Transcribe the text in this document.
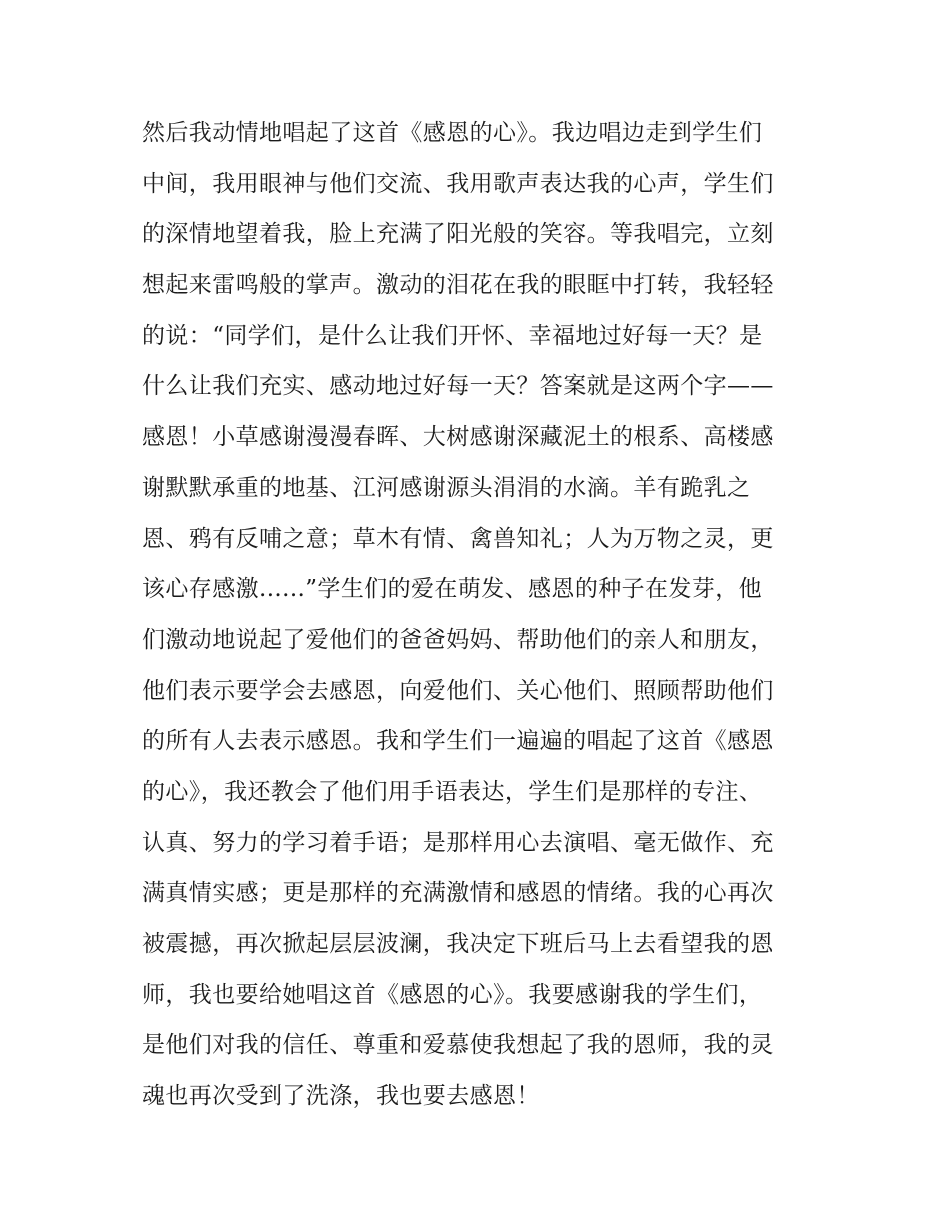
然后我动情地唱起了这首《感恩的心》。我边唱边走到学生们
中间，我用眼神与他们交流、我用歌声表达我的心声，学生们
的深情地望着我，脸上充满了阳光般的笑容。等我唱完，立刻
想起来雷鸣般的掌声。激动的泪花在我的眼眶中打转，我轻轻
的说：“同学们，是什么让我们开怀、幸福地过好每一天？是
什么让我们充实、感动地过好每一天？答案就是这两个字——
感恩！小草感谢漫漫春晖、大树感谢深藏泥土的根系、高楼感
谢默默承重的地基、江河感谢源头涓涓的水滴。羊有跪乳之
恩、鸦有反哺之意；草木有情、禽兽知礼；人为万物之灵，更
该心存感激......”学生们的爱在萌发、感恩的种子在发芽，他
们激动地说起了爱他们的爸爸妈妈、帮助他们的亲人和朋友，
他们表示要学会去感恩，向爱他们、关心他们、照顾帮助他们
的所有人去表示感恩。我和学生们一遍遍的唱起了这首《感恩
的心》，我还教会了他们用手语表达，学生们是那样的专注、
认真、努力的学习着手语；是那样用心去演唱、毫无做作、充
满真情实感；更是那样的充满激情和感恩的情绪。我的心再次
被震撼，再次掀起层层波澜，我决定下班后马上去看望我的恩
师，我也要给她唱这首《感恩的心》。我要感谢我的学生们，
是他们对我的信任、尊重和爱慕使我想起了我的恩师，我的灵
魂也再次受到了洗涤，我也要去感恩！
